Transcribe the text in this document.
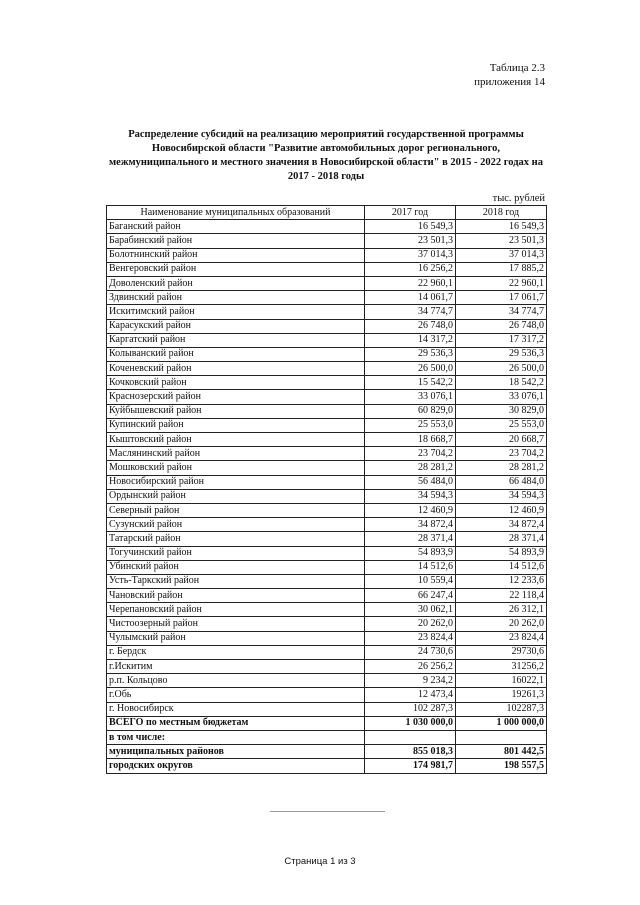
Таблица 2.3
приложения 14
Распределение субсидий на реализацию мероприятий государственной программы Новосибирской области "Развитие автомобильных дорог регионального, межмуниципального и местного значения в Новосибирской области" в 2015 - 2022 годах на 2017 - 2018 годы
тыс. рублей
Наименование муниципальных образований	2017 год	2018 год
Баганский район	16 549,3	16 549,3
Барабинский район	23 501,3	23 501,3
Болотнинский район	37 014,3	37 014,3
Венгеровский район	16 256,2	17 885,2
Доволенский район	22 960,1	22 960,1
Здвинский район	14 061,7	17 061,7
Искитимский район	34 774,7	34 774,7
Карасукский район	26 748,0	26 748,0
Каргатский район	14 317,2	17 317,2
Колыванский район	29 536,3	29 536,3
Коченевский район	26 500,0	26 500,0
Кочковский район	15 542,2	18 542,2
Краснозерский район	33 076,1	33 076,1
Куйбышевский район	60 829,0	30 829,0
Купинский район	25 553,0	25 553,0
Кыштовский район	18 668,7	20 668,7
Маслянинский район	23 704,2	23 704,2
Мошковский район	28 281,2	28 281,2
Новосибирский район	56 484,0	66 484,0
Ордынский район	34 594,3	34 594,3
Северный район	12 460,9	12 460,9
Сузунский район	34 872,4	34 872,4
Татарский район	28 371,4	28 371,4
Тогучинский район	54 893,9	54 893,9
Убинский район	14 512,6	14 512,6
Усть-Таркский район	10 559,4	12 233,6
Чановский район	66 247,4	22 118,4
Черепановский район	30 062,1	26 312,1
Чистоозерный район	20 262,0	20 262,0
Чулымский район	23 824,4	23 824,4
г. Бердск	24 730,6	29730,6
г.Искитим	26 256,2	31256,2
р.п. Кольцово	9 234,2	16022,1
г.Обь	12 473,4	19261,3
г. Новосибирск	102 287,3	102287,3
ВСЕГО по местным бюджетам	1 030 000,0	1 000 000,0
в том числе:		
муниципальных районов	855 018,3	801 442,5
городских округов	174 981,7	198 557,5
Страница 1 из 3
